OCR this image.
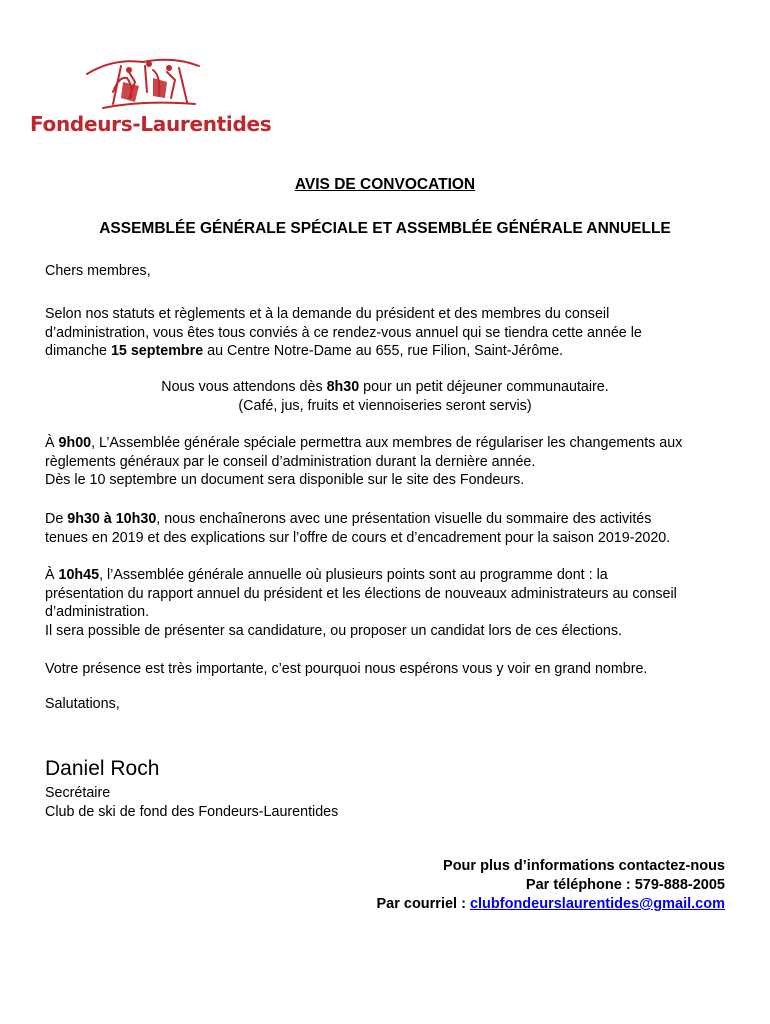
Fondeurs-Laurentides
AVIS DE CONVOCATION
ASSEMBLÉE GÉNÉRALE SPÉCIALE ET ASSEMBLÉE GÉNÉRALE ANNUELLE
Chers membres,
Selon nos statuts et règlements et à la demande du président et des membres du conseil
d’administration, vous êtes tous conviés à ce rendez-vous annuel qui se tiendra cette année le
dimanche 15 septembre au Centre Notre-Dame au 655, rue Filion, Saint-Jérôme.
Nous vous attendons dès 8h30 pour un petit déjeuner communautaire.
(Café, jus, fruits et viennoiseries seront servis)
À 9h00, L’Assemblée générale spéciale permettra aux membres de régulariser les changements aux
règlements généraux par le conseil d’administration durant la dernière année.
Dès le 10 septembre un document sera disponible sur le site des Fondeurs.
De 9h30 à 10h30, nous enchaînerons avec une présentation visuelle du sommaire des activités
tenues en 2019 et des explications sur l’offre de cours et d’encadrement pour la saison 2019-2020.
À 10h45, l’Assemblée générale annuelle où plusieurs points sont au programme dont : la
présentation du rapport annuel du président et les élections de nouveaux administrateurs au conseil
d’administration.
Il sera possible de présenter sa candidature, ou proposer un candidat lors de ces élections.
Votre présence est très importante, c’est pourquoi nous espérons vous y voir en grand nombre.
Salutations,
Daniel Roch
Secrétaire
Club de ski de fond des Fondeurs-Laurentides
Pour plus d’informations contactez-nous
Par téléphone : 579-888-2005
Par courriel : clubfondeurslaurentides@gmail.com
